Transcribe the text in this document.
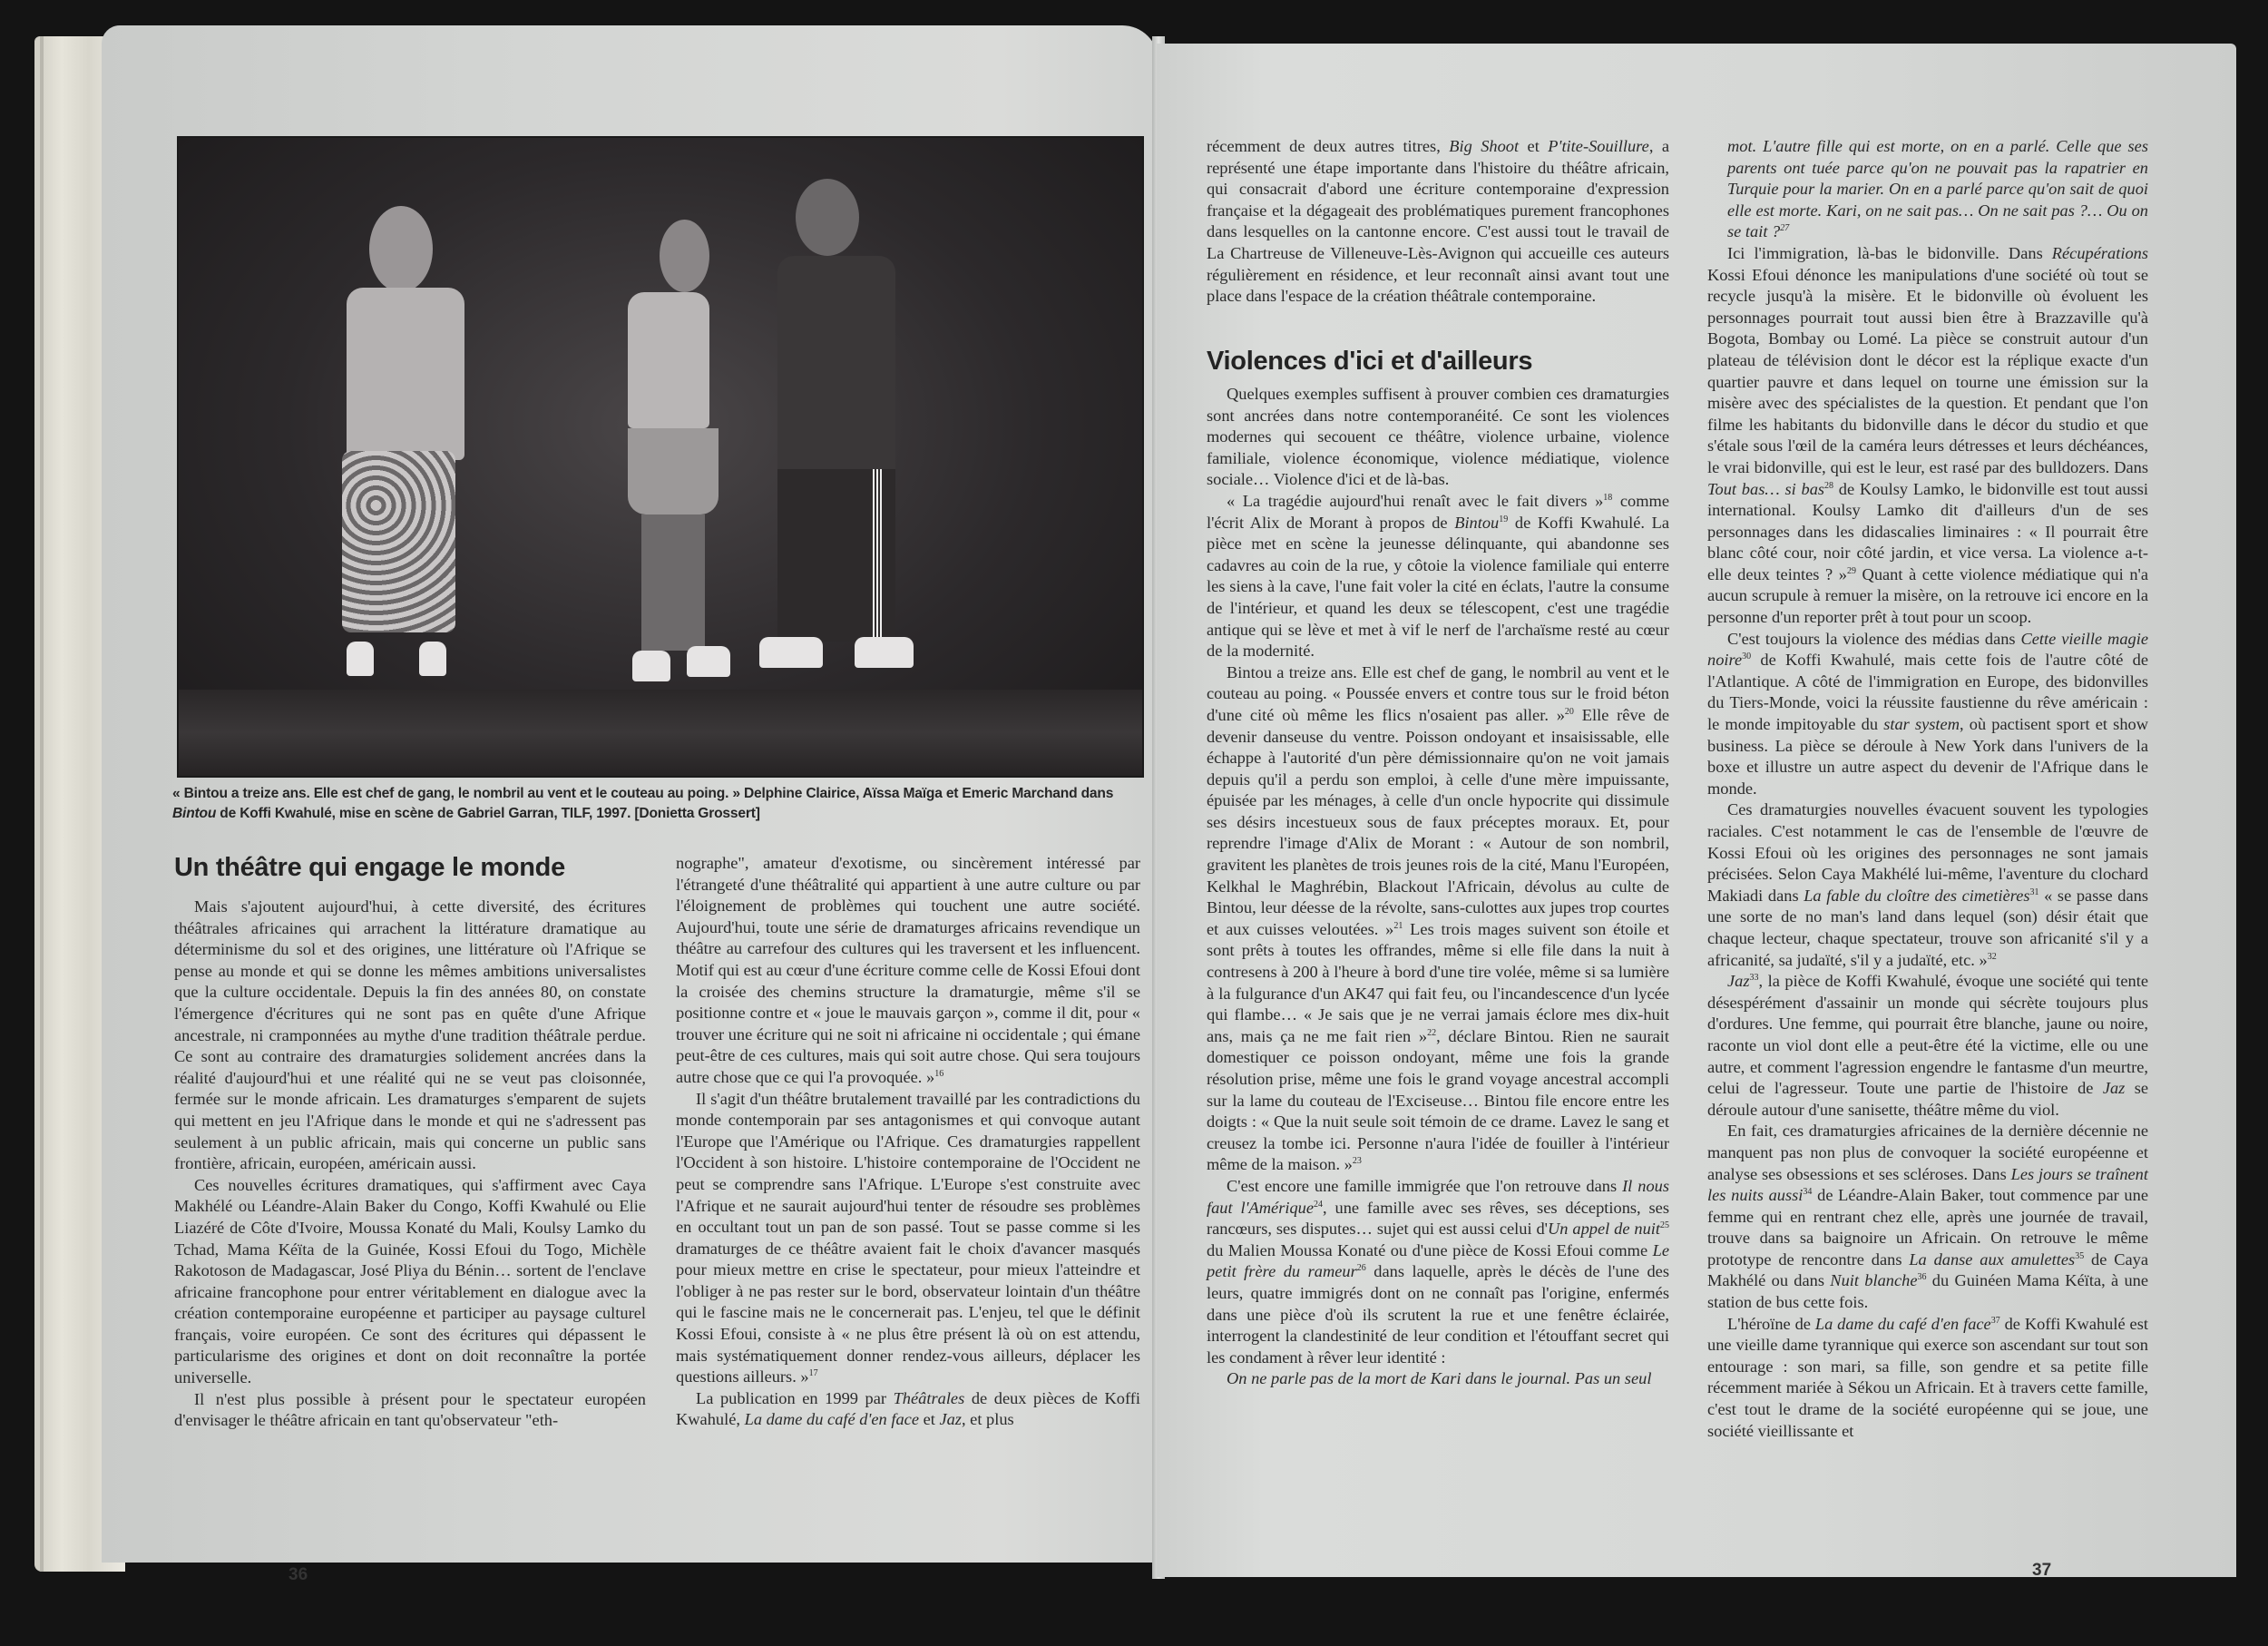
« Bintou a treize ans. Elle est chef de gang, le nombril au vent et le couteau au poing. » Delphine Clairice, Aïssa Maïga et Emeric Marchand dans Bintou de Koffi Kwahulé, mise en scène de Gabriel Garran, TILF, 1997. [Donietta Grossert]
Un théâtre qui engage le monde

Mais s'ajoutent aujourd'hui, à cette diversité, des écritures théâtrales africaines qui arrachent la littérature dramatique au déterminisme du sol et des origines, une littérature où l'Afrique se pense au monde et qui se donne les mêmes ambitions universalistes que la culture occidentale. Depuis la fin des années 80, on constate l'émergence d'écritures qui ne sont pas en quête d'une Afrique ancestrale, ni cramponnées au mythe d'une tradition théâtrale perdue. Ce sont au contraire des dramaturgies solidement ancrées dans la réalité d'aujourd'hui et une réalité qui ne se veut pas cloisonnée, fermée sur le monde africain. Les dramaturges s'emparent de sujets qui mettent en jeu l'Afrique dans le monde et qui ne s'adressent pas seulement à un public africain, mais qui concerne un public sans frontière, africain, européen, américain aussi.

Ces nouvelles écritures dramatiques, qui s'affirment avec Caya Makhélé ou Léandre-Alain Baker du Congo, Koffi Kwahulé ou Elie Liazéré de Côte d'Ivoire, Moussa Konaté du Mali, Koulsy Lamko du Tchad, Mama Kéïta de la Guinée, Kossi Efoui du Togo, Michèle Rakotoson de Madagascar, José Pliya du Bénin… sortent de l'enclave africaine francophone pour entrer véritablement en dialogue avec la création contemporaine européenne et participer au paysage culturel français, voire européen. Ce sont des écritures qui dépassent le particularisme des origines et dont on doit reconnaître la portée universelle.

Il n'est plus possible à présent pour le spectateur européen d'envisager le théâtre africain en tant qu'observateur "eth-

nographe", amateur d'exotisme, ou sincèrement intéressé par l'étrangeté d'une théâtralité qui appartient à une autre culture ou par l'éloignement de problèmes qui touchent une autre société. Aujourd'hui, toute une série de dramaturges africains revendique un théâtre au carrefour des cultures qui les traversent et les influencent. Motif qui est au cœur d'une écriture comme celle de Kossi Efoui dont la croisée des chemins structure la dramaturgie, même s'il se positionne contre et « joue le mauvais garçon », comme il dit, pour « trouver une écriture qui ne soit ni africaine ni occidentale ; qui émane peut-être de ces cultures, mais qui soit autre chose. Qui sera toujours autre chose que ce qui l'a provoquée. »$^{16}$

Il s'agit d'un théâtre brutalement travaillé par les contradictions du monde contemporain par ses antagonismes et qui convoque autant l'Europe que l'Amérique ou l'Afrique. Ces dramaturgies rappellent l'Occident à son histoire. L'histoire contemporaine de l'Occident ne peut se comprendre sans l'Afrique. L'Europe s'est construite avec l'Afrique et ne saurait aujourd'hui tenter de résoudre ses problèmes en occultant tout un pan de son passé. Tout se passe comme si les dramaturges de ce théâtre avaient fait le choix d'avancer masqués pour mieux mettre en crise le spectateur, pour mieux l'atteindre et l'obliger à ne pas rester sur le bord, observateur lointain d'un théâtre qui le fascine mais ne le concernerait pas. L'enjeu, tel que le définit Kossi Efoui, consiste à « ne plus être présent là où on est attendu, mais systématiquement donner rendez-vous ailleurs, déplacer les questions ailleurs. »$^{17}$

La publication en 1999 par Théâtrales de deux pièces de Koffi Kwahulé, La dame du café d'en face et Jaz, et plus

36

récemment de deux autres titres, Big Shoot et P'tite-Souillure, a représenté une étape importante dans l'histoire du théâtre africain, qui consacrait d'abord une écriture contemporaine d'expression française et la dégageait des problématiques purement francophones dans lesquelles on la cantonne encore. C'est aussi tout le travail de La Chartreuse de Villeneuve-Lès-Avignon qui accueille ces auteurs régulièrement en résidence, et leur reconnaît ainsi avant tout une place dans l'espace de la création théâtrale contemporaine.

Violences d'ici et d'ailleurs

Quelques exemples suffisent à prouver combien ces dramaturgies sont ancrées dans notre contemporanéité. Ce sont les violences modernes qui secouent ce théâtre, violence urbaine, violence familiale, violence économique, violence médiatique, violence sociale… Violence d'ici et de là-bas.

« La tragédie aujourd'hui renaît avec le fait divers »$^{18}$ comme l'écrit Alix de Morant à propos de Bintou$^{19}$ de Koffi Kwahulé. La pièce met en scène la jeunesse délinquante, qui abandonne ses cadavres au coin de la rue, y côtoie la violence familiale qui enterre les siens à la cave, l'une fait voler la cité en éclats, l'autre la consume de l'intérieur, et quand les deux se télescopent, c'est une tragédie antique qui se lève et met à vif le nerf de l'archaïsme resté au cœur de la modernité.

Bintou a treize ans. Elle est chef de gang, le nombril au vent et le couteau au poing. « Poussée envers et contre tous sur le froid béton d'une cité où même les flics n'osaient pas aller. »$^{20}$ Elle rêve de devenir danseuse du ventre. Poisson ondoyant et insaisissable, elle échappe à l'autorité d'un père démissionnaire qu'on ne voit jamais depuis qu'il a perdu son emploi, à celle d'une mère impuissante, épuisée par les ménages, à celle d'un oncle hypocrite qui dissimule ses désirs incestueux sous de faux préceptes moraux. Et, pour reprendre l'image d'Alix de Morant : « Autour de son nombril, gravitent les planètes de trois jeunes rois de la cité, Manu l'Européen, Kelkhal le Maghrébin, Blackout l'Africain, dévolus au culte de Bintou, leur déesse de la révolte, sans-culottes aux jupes trop courtes et aux cuisses veloutées. »$^{21}$ Les trois mages suivent son étoile et sont prêts à toutes les offrandes, même si elle file dans la nuit à contresens à 200 à l'heure à bord d'une tire volée, même si sa lumière à la fulgurance d'un AK47 qui fait feu, ou l'incandescence d'un lycée qui flambe… « Je sais que je ne verrai jamais éclore mes dix-huit ans, mais ça ne me fait rien »$^{22}$, déclare Bintou. Rien ne saurait domestiquer ce poisson ondoyant, même une fois la grande résolution prise, même une fois le grand voyage ancestral accompli sur la lame du couteau de l'Exciseuse… Bintou file encore entre les doigts : « Que la nuit seule soit témoin de ce drame. Lavez le sang et creusez la tombe ici. Personne n'aura l'idée de fouiller à l'intérieur même de la maison. »$^{23}$

C'est encore une famille immigrée que l'on retrouve dans Il nous faut l'Amérique$^{24}$, une famille avec ses rêves, ses déceptions, ses rancœurs, ses disputes… sujet qui est aussi celui d'Un appel de nuit$^{25}$ du Malien Moussa Konaté ou d'une pièce de Kossi Efoui comme Le petit frère du rameur$^{26}$ dans laquelle, après le décès de l'une des leurs, quatre immigrés dont on ne connaît pas l'origine, enfermés dans une pièce d'où ils scrutent la rue et une fenêtre éclairée, interrogent la clandestinité de leur condition et l'étouffant secret qui les condament à rêver leur identité :

On ne parle pas de la mort de Kari dans le journal. Pas un seul

mot. L'autre fille qui est morte, on en a parlé. Celle que ses parents ont tuée parce qu'on ne pouvait pas la rapatrier en Turquie pour la marier. On en a parlé parce qu'on sait de quoi elle est morte. Kari, on ne sait pas… On ne sait pas ?… Ou on se tait ?$^{27}$

Ici l'immigration, là-bas le bidonville. Dans Récupérations Kossi Efoui dénonce les manipulations d'une société où tout se recycle jusqu'à la misère. Et le bidonville où évoluent les personnages pourrait tout aussi bien être à Brazzaville qu'à Bogota, Bombay ou Lomé. La pièce se construit autour d'un plateau de télévision dont le décor est la réplique exacte d'un quartier pauvre et dans lequel on tourne une émission sur la misère avec des spécialistes de la question. Et pendant que l'on filme les habitants du bidonville dans le décor du studio et que s'étale sous l'œil de la caméra leurs détresses et leurs déchéances, le vrai bidonville, qui est le leur, est rasé par des bulldozers. Dans Tout bas… si bas$^{28}$ de Koulsy Lamko, le bidonville est tout aussi international. Koulsy Lamko dit d'ailleurs d'un de ses personnages dans les didascalies liminaires : « Il pourrait être blanc côté cour, noir côté jardin, et vice versa. La violence a-t-elle deux teintes ? »$^{29}$ Quant à cette violence médiatique qui n'a aucun scrupule à remuer la misère, on la retrouve ici encore en la personne d'un reporter prêt à tout pour un scoop.

C'est toujours la violence des médias dans Cette vieille magie noire$^{30}$ de Koffi Kwahulé, mais cette fois de l'autre côté de l'Atlantique. A côté de l'immigration en Europe, des bidonvilles du Tiers-Monde, voici la réussite faustienne du rêve américain : le monde impitoyable du star system, où pactisent sport et show business. La pièce se déroule à New York dans l'univers de la boxe et illustre un autre aspect du devenir de l'Afrique dans le monde.

Ces dramaturgies nouvelles évacuent souvent les typologies raciales. C'est notamment le cas de l'ensemble de l'œuvre de Kossi Efoui où les origines des personnages ne sont jamais précisées. Selon Caya Makhélé lui-même, l'aventure du clochard Makiadi dans La fable du cloître des cimetières$^{31}$ « se passe dans une sorte de no man's land dans lequel (son) désir était que chaque lecteur, chaque spectateur, trouve son africanité s'il y a africanité, sa judaïté, s'il y a judaïté, etc. »$^{32}$

Jaz$^{33}$, la pièce de Koffi Kwahulé, évoque une société qui tente désespérément d'assainir un monde qui sécrète toujours plus d'ordures. Une femme, qui pourrait être blanche, jaune ou noire, raconte un viol dont elle a peut-être été la victime, elle ou une autre, et comment l'agression engendre le fantasme d'un meurtre, celui de l'agresseur. Toute une partie de l'histoire de Jaz se déroule autour d'une sanisette, théâtre même du viol.

En fait, ces dramaturgies africaines de la dernière décennie ne manquent pas non plus de convoquer la société européenne et analyse ses obsessions et ses scléroses. Dans Les jours se traînent les nuits aussi$^{34}$ de Léandre-Alain Baker, tout commence par une femme qui en rentrant chez elle, après une journée de travail, trouve dans sa baignoire un Africain. On retrouve le même prototype de rencontre dans La danse aux amulettes$^{35}$ de Caya Makhélé ou dans Nuit blanche$^{36}$ du Guinéen Mama Kéïta, à une station de bus cette fois.

L'héroïne de La dame du café d'en face$^{37}$ de Koffi Kwahulé est une vieille dame tyrannique qui exerce son ascendant sur tout son entourage : son mari, sa fille, son gendre et sa petite fille récemment mariée à Sékou un Africain. Et à travers cette famille, c'est tout le drame de la société européenne qui se joue, une société vieillissante et

37
